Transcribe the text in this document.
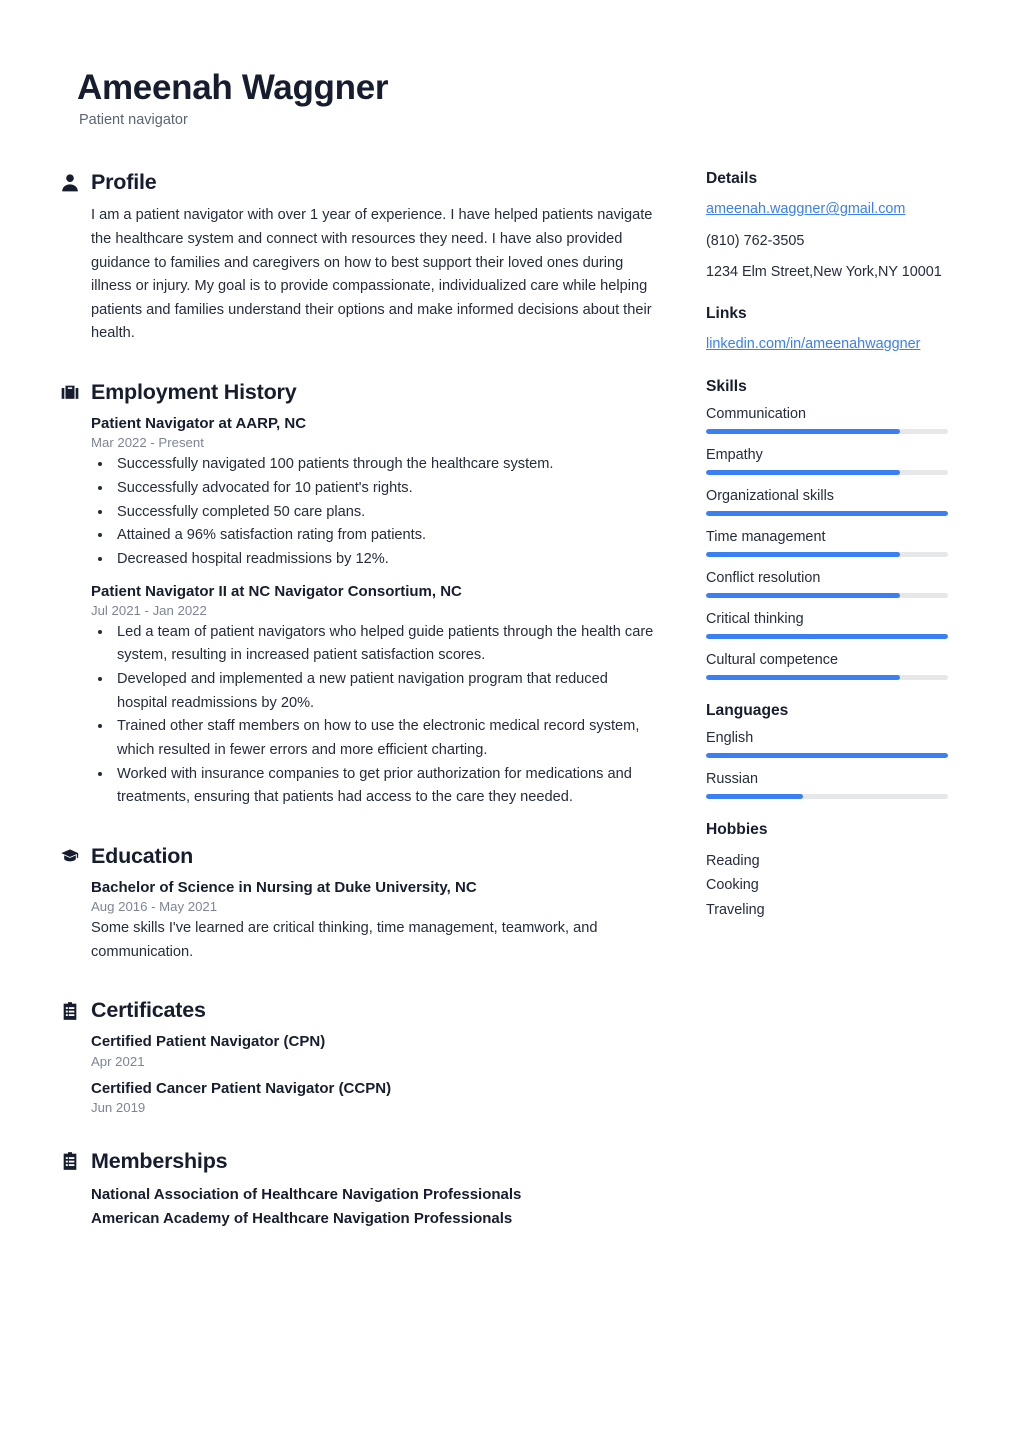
Ameenah Waggner
Patient navigator
Profile

I am a patient navigator with over 1 year of experience. I have helped patients navigate the healthcare system and connect with resources they need. I have also provided guidance to families and caregivers on how to best support their loved ones during illness or injury. My goal is to provide compassionate, individualized care while helping patients and families understand their options and make informed decisions about their health.

Employment History
Patient Navigator at AARP, NC
Mar 2022 - Present
• Successfully navigated 100 patients through the healthcare system.
• Successfully advocated for 10 patient's rights.
• Successfully completed 50 care plans.
• Attained a 96% satisfaction rating from patients.
• Decreased hospital readmissions by 12%.
Patient Navigator II at NC Navigator Consortium, NC
Jul 2021 - Jan 2022
• Led a team of patient navigators who helped guide patients through the health care system, resulting in increased patient satisfaction scores.
• Developed and implemented a new patient navigation program that reduced hospital readmissions by 20%.
• Trained other staff members on how to use the electronic medical record system, which resulted in fewer errors and more efficient charting.
• Worked with insurance companies to get prior authorization for medications and treatments, ensuring that patients had access to the care they needed.
Education
Bachelor of Science in Nursing at Duke University, NC
Aug 2016 - May 2021

Some skills I've learned are critical thinking, time management, teamwork, and communication.

Certificates
Certified Patient Navigator (CPN)
Apr 2021
Certified Cancer Patient Navigator (CCPN)
Jun 2019
Memberships
National Association of Healthcare Navigation Professionals
American Academy of Healthcare Navigation Professionals
Details
ameenah.waggner@gmail.com
(810) 762-3505
1234 Elm Street,New York,NY 10001
Links
linkedin.com/in/ameenahwaggner
Skills
Communication
Empathy
Organizational skills
Time management
Conflict resolution
Critical thinking
Cultural competence
Languages
English
Russian
Hobbies
Reading
Cooking
Traveling
